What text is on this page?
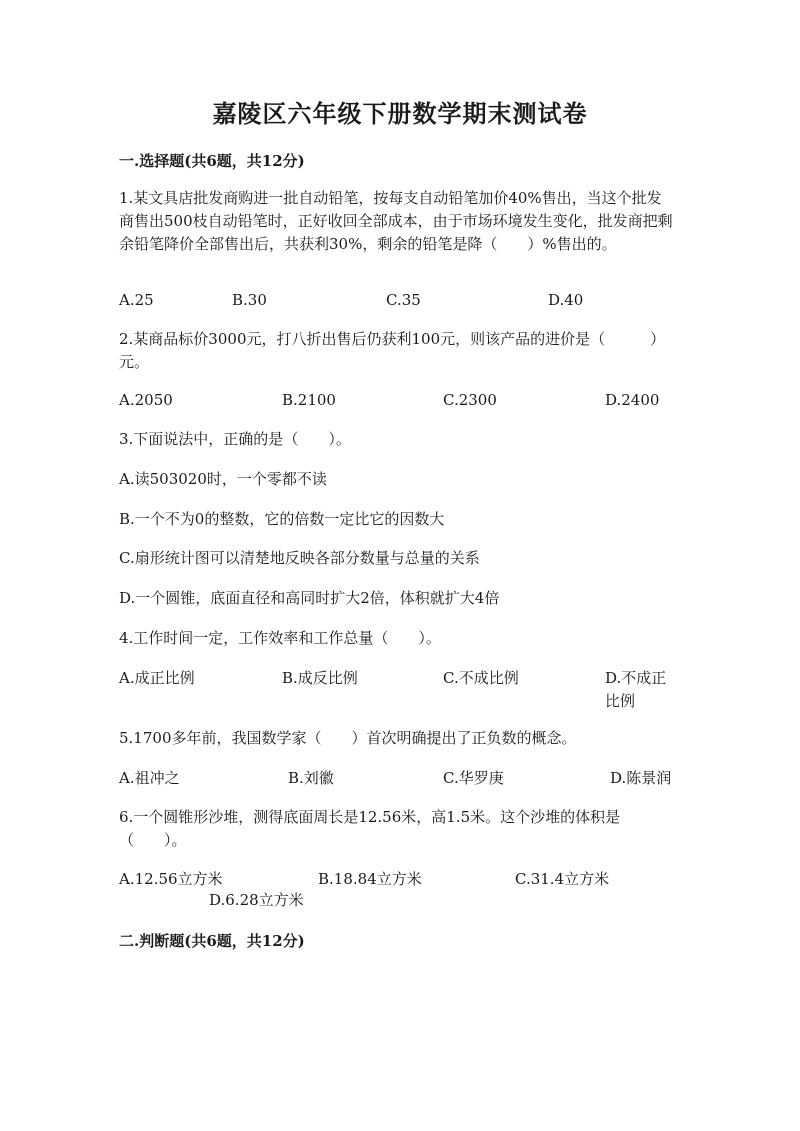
嘉陵区六年级下册数学期末测试卷
一.选择题(共6题，共12分)

1.某文具店批发商购进一批自动铅笔，按每支自动铅笔加价40%售出，当这个批发商售出500枝自动铅笔时，正好收回全部成本，由于市场环境发生变化，批发商把剩余铅笔降价全部售出后，共获利30%，剩余的铅笔是降（　　）%售出的。

A.25	B.30	C.35	D.40

2.某商品标价3000元，打八折出售后仍获利100元，则该产品的进价是（　　　）元。

A.2050	B.2100	C.2300	D.2400

3.下面说法中，正确的是（　　）。

A.读503020时，一个零都不读
B.一个不为0的整数，它的倍数一定比它的因数大
C.扇形统计图可以清楚地反映各部分数量与总量的关系
D.一个圆锥，底面直径和高同时扩大2倍，体积就扩大4倍

4.工作时间一定，工作效率和工作总量（　　）。

A.成正比例	B.成反比例	C.不成比例	D.不成正比例

5.1700多年前，我国数学家（　　）首次明确提出了正负数的概念。

A.祖冲之	B.刘徽	C.华罗庚	D.陈景润

6.一个圆锥形沙堆，测得底面周长是12.56米，高1.5米。这个沙堆的体积是（　　）。

A.12.56立方米	B.18.84立方米	C.31.4立方米
D.6.28立方米
二.判断题(共6题，共12分)
